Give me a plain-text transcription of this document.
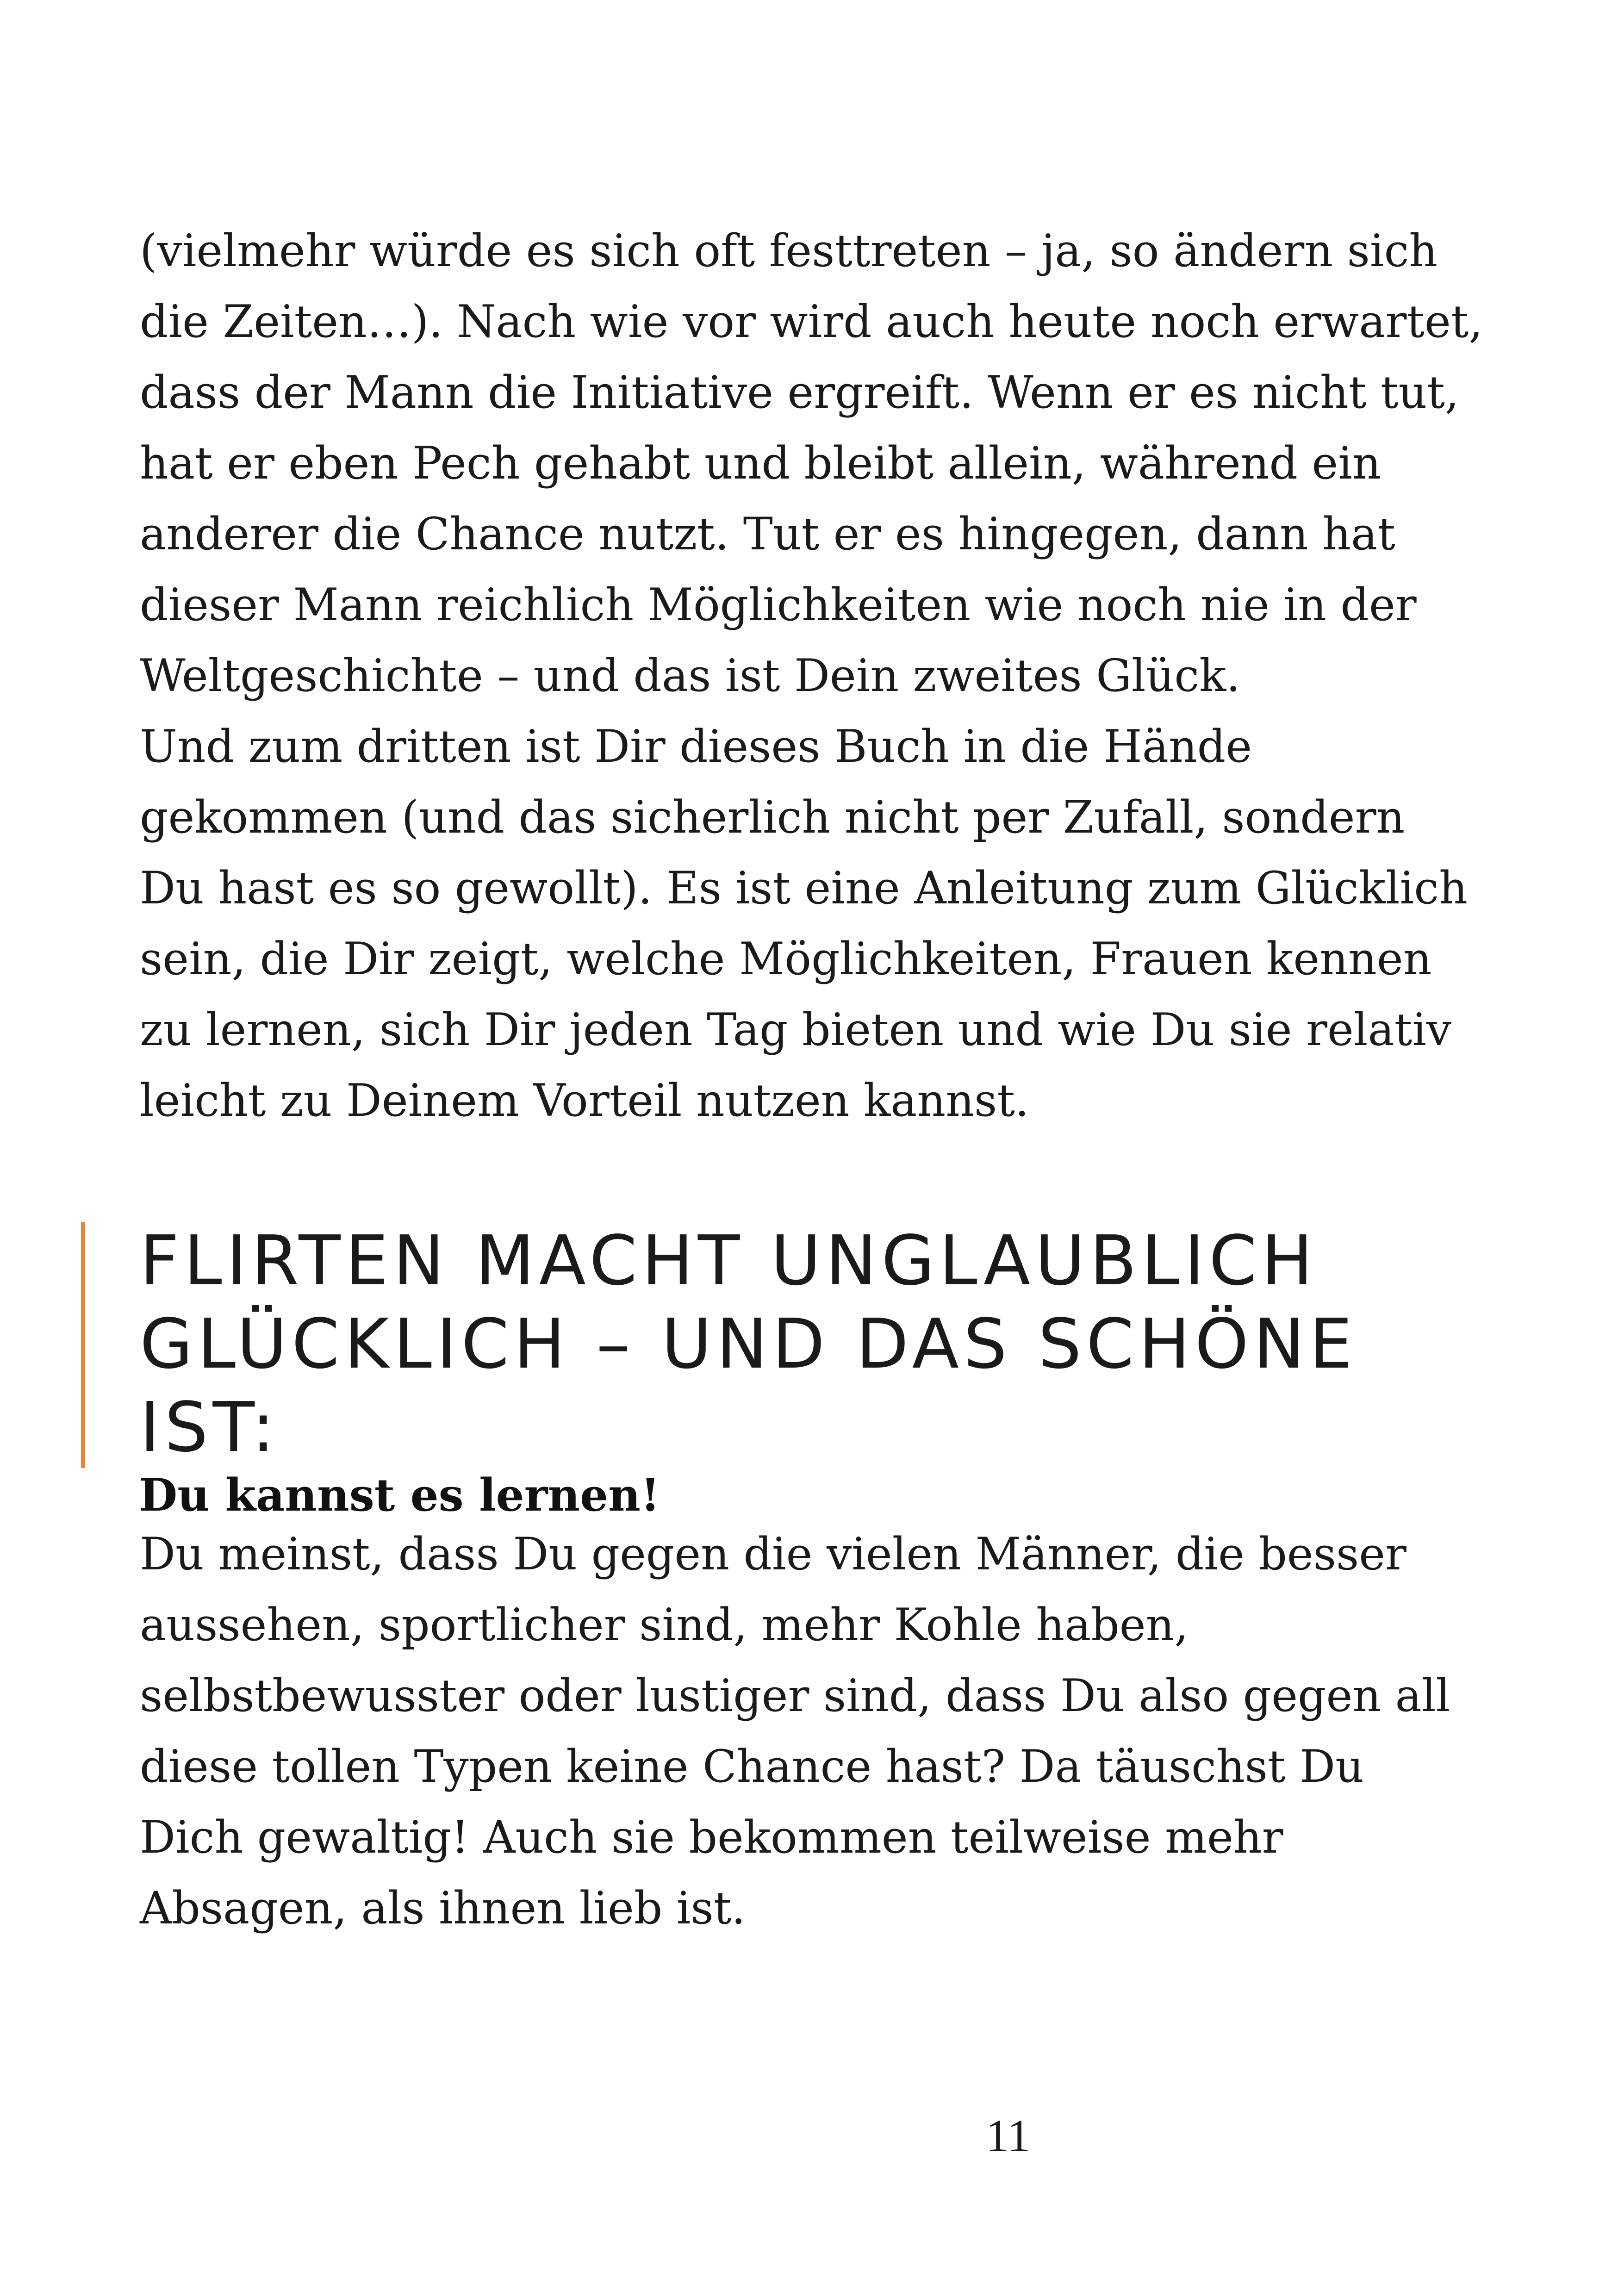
(vielmehr würde es sich oft festtreten – ja, so ändern sich
die Zeiten…). Nach wie vor wird auch heute noch erwartet,
dass der Mann die Initiative ergreift. Wenn er es nicht tut,
hat er eben Pech gehabt und bleibt allein, während ein
anderer die Chance nutzt. Tut er es hingegen, dann hat
dieser Mann reichlich Möglichkeiten wie noch nie in der
Weltgeschichte – und das ist Dein zweites Glück.
Und zum dritten ist Dir dieses Buch in die Hände
gekommen (und das sicherlich nicht per Zufall, sondern
Du hast es so gewollt). Es ist eine Anleitung zum Glücklich
sein, die Dir zeigt, welche Möglichkeiten, Frauen kennen
zu lernen, sich Dir jeden Tag bieten und wie Du sie relativ
leicht zu Deinem Vorteil nutzen kannst.
FLIRTEN MACHT UNGLAUBLICH
GLÜCKLICH – UND DAS SCHÖNE
IST:

Du kannst es lernen!

Du meinst, dass Du gegen die vielen Männer, die besser
aussehen, sportlicher sind, mehr Kohle haben,
selbstbewusster oder lustiger sind, dass Du also gegen all
diese tollen Typen keine Chance hast? Da täuschst Du
Dich gewaltig! Auch sie bekommen teilweise mehr
Absagen, als ihnen lieb ist.
11
